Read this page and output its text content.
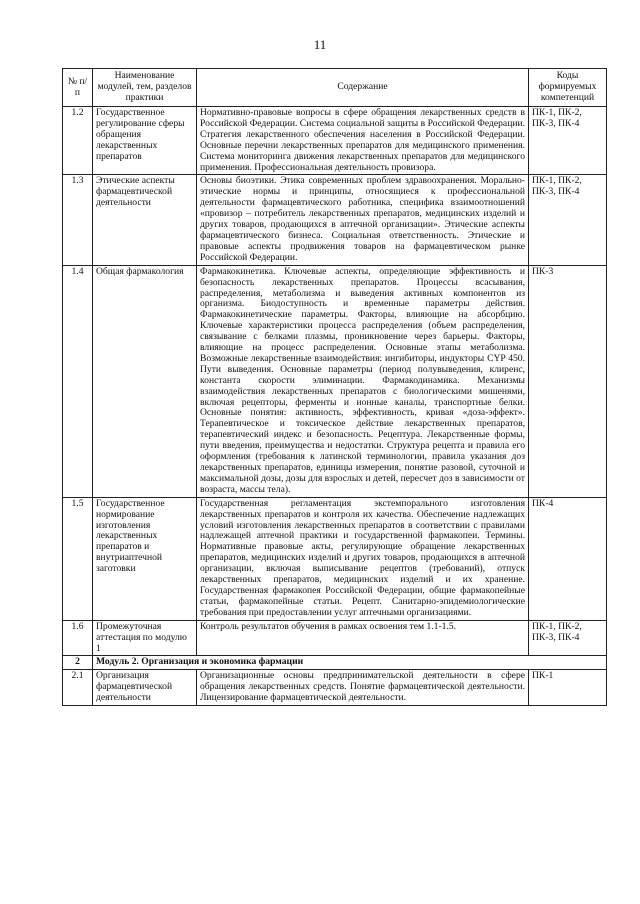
11
№ п/п	Наименование модулей, тем, разделов практики	Содержание	Коды формируемых компетенций
1.2	Государственное регулирование сферы обращения лекарственных препаратов	Нормативно-правовые вопросы в сфере обращения лекарственных средств в Российской Федерации. Система социальной защиты в Российской Федерации. Стратегия лекарственного обеспечения населения в Российской Федерации. Основные перечни лекарственных препаратов для медицинского применения. Система мониторинга движения лекарственных препаратов для медицинского применения. Профессиональная деятельность провизора.	ПК-1, ПК-2, ПК-3, ПК-4
1.3	Этические аспекты фармацевтической деятельности	Основы биоэтики. Этика современных проблем здравоохранения. Морально-этические нормы и принципы, относящиеся к профессиональной деятельности фармацевтического работника, специфика взаимоотношений «провизор – потребитель лекарственных препаратов, медицинских изделий и других товаров, продающихся в аптечной организации». Этические аспекты фармацевтического бизнеса. Социальная ответственность. Этические и правовые аспекты продвижения товаров на фармацевтическом рынке Российской Федерации.	ПК-1, ПК-2, ПК-3, ПК-4
1.4	Общая фармакология	Фармакокинетика. Ключевые аспекты, определяющие эффективность и безопасность лекарственных препаратов. Процессы всасывания, распределения, метаболизма и выведения активных компонентов из организма. Биодоступность и временные параметры действия. Фармакокинетические параметры. Факторы, влияющие на абсорбцию. Ключевые характеристики процесса распределения (объем распределения, связывание с белками плазмы, проникновение через барьеры. Факторы, влияющие на процесс распределения. Основные этапы метаболизма. Возможные лекарственные взаимодействия: ингибиторы, индукторы CYP 450. Пути выведения. Основные параметры (период полувыведения, клиренс, константа скорости элиминации. Фармакодинамика. Механизмы взаимодействия лекарственных препаратов с биологическими мишенями, включая рецепторы, ферменты и ионные каналы, транспортные белки. Основные понятия: активность, эффективность, кривая «доза-эффект». Терапевтическое и токсическое действие лекарственных препаратов, терапевтический индекс и безопасность. Рецептура. Лекарственные формы, пути введения, преимущества и недостатки. Структура рецепта и правила его оформления (требования к латинской терминологии, правила указания доз лекарственных препаратов, единицы измерения, понятие разовой, суточной и максимальной дозы, дозы для взрослых и детей, пересчет доз в зависимости от возраста, массы тела).	ПК-3
1.5	Государственное нормирование изготовления лекарственных препаратов и внутриаптечной заготовки	Государственная регламентация экстемпорального изготовления лекарственных препаратов и контроля их качества. Обеспечение надлежащих условий изготовления лекарственных препаратов в соответствии с правилами надлежащей аптечной практики и государственной фармакопеи. Термины. Нормативные правовые акты, регулирующие обращение лекарственных препаратов, медицинских изделий и других товаров, продающихся в аптечной организации, включая выписывание рецептов (требований), отпуск лекарственных препаратов, медицинских изделий и их хранение. Государственная фармакопея Российской Федерации, общие фармакопейные статьи, фармакопейные статьи. Рецепт. Санитарно-эпидемиологические требования при предоставлении услуг аптечными организациями.	ПК-4
1.6	Промежуточная аттестация по модулю 1	Контроль результатов обучения в рамках освоения тем 1.1-1.5.	ПК-1, ПК-2, ПК-3, ПК-4
2	Модуль 2. Организация и экономика фармации		
2.1	Организация фармацевтической деятельности	Организационные основы предпринимательской деятельности в сфере обращения лекарственных средств. Понятие фармацевтической деятельности. Лицензирование фармацевтической деятельности.	ПК-1
